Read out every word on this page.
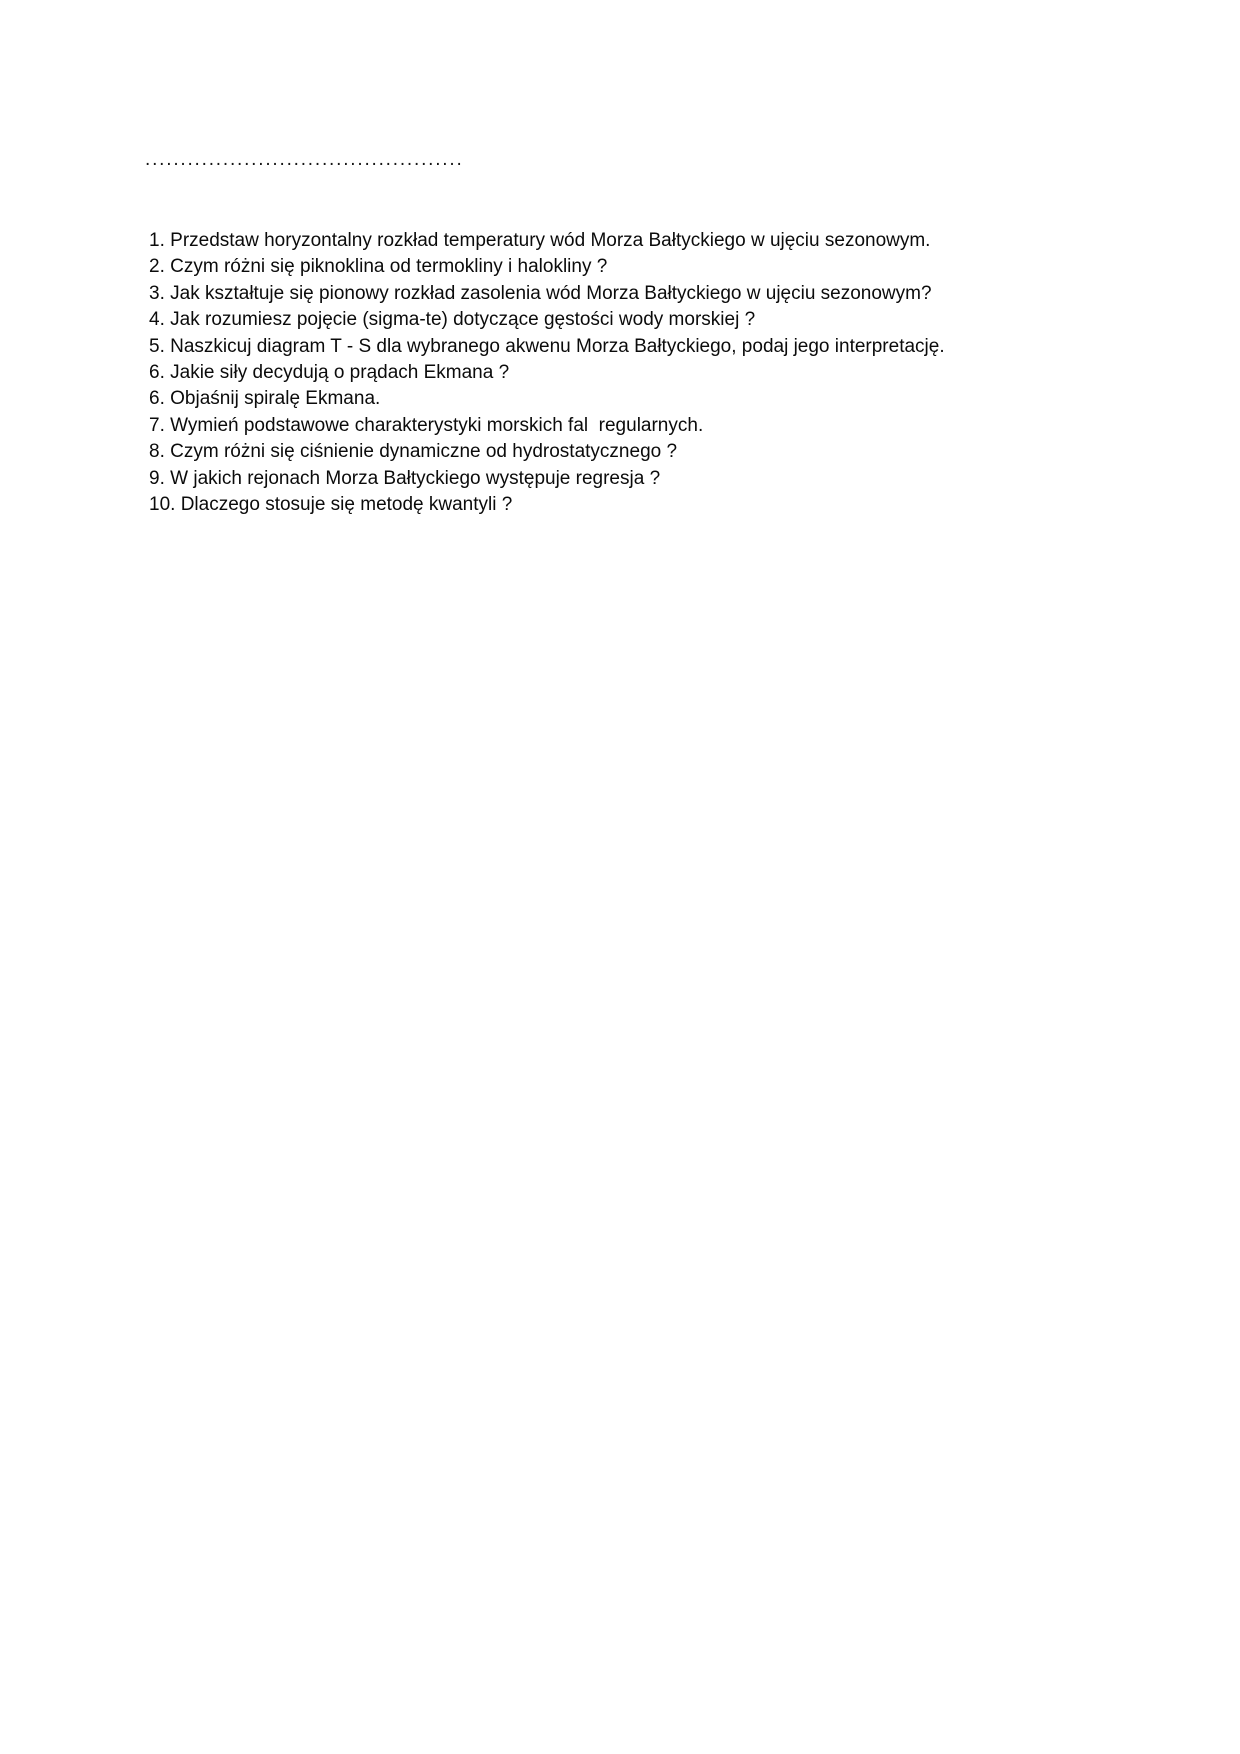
.............................................
1. Przedstaw horyzontalny rozkład temperatury wód Morza Bałtyckiego w ujęciu sezonowym.
2. Czym różni się piknoklina od termokliny i halokliny ?
3. Jak kształtuje się pionowy rozkład zasolenia wód Morza Bałtyckiego w ujęciu sezonowym?
4. Jak rozumiesz pojęcie (sigma-te) dotyczące gęstości wody morskiej ?
5. Naszkicuj diagram T - S dla wybranego akwenu Morza Bałtyckiego, podaj jego interpretację.
6. Jakie siły decydują o prądach Ekmana ?
6. Objaśnij spiralę Ekmana.
7. Wymień podstawowe charakterystyki morskich fal  regularnych.
8. Czym różni się ciśnienie dynamiczne od hydrostatycznego ?
9. W jakich rejonach Morza Bałtyckiego występuje regresja ?
10. Dlaczego stosuje się metodę kwantyli ?
